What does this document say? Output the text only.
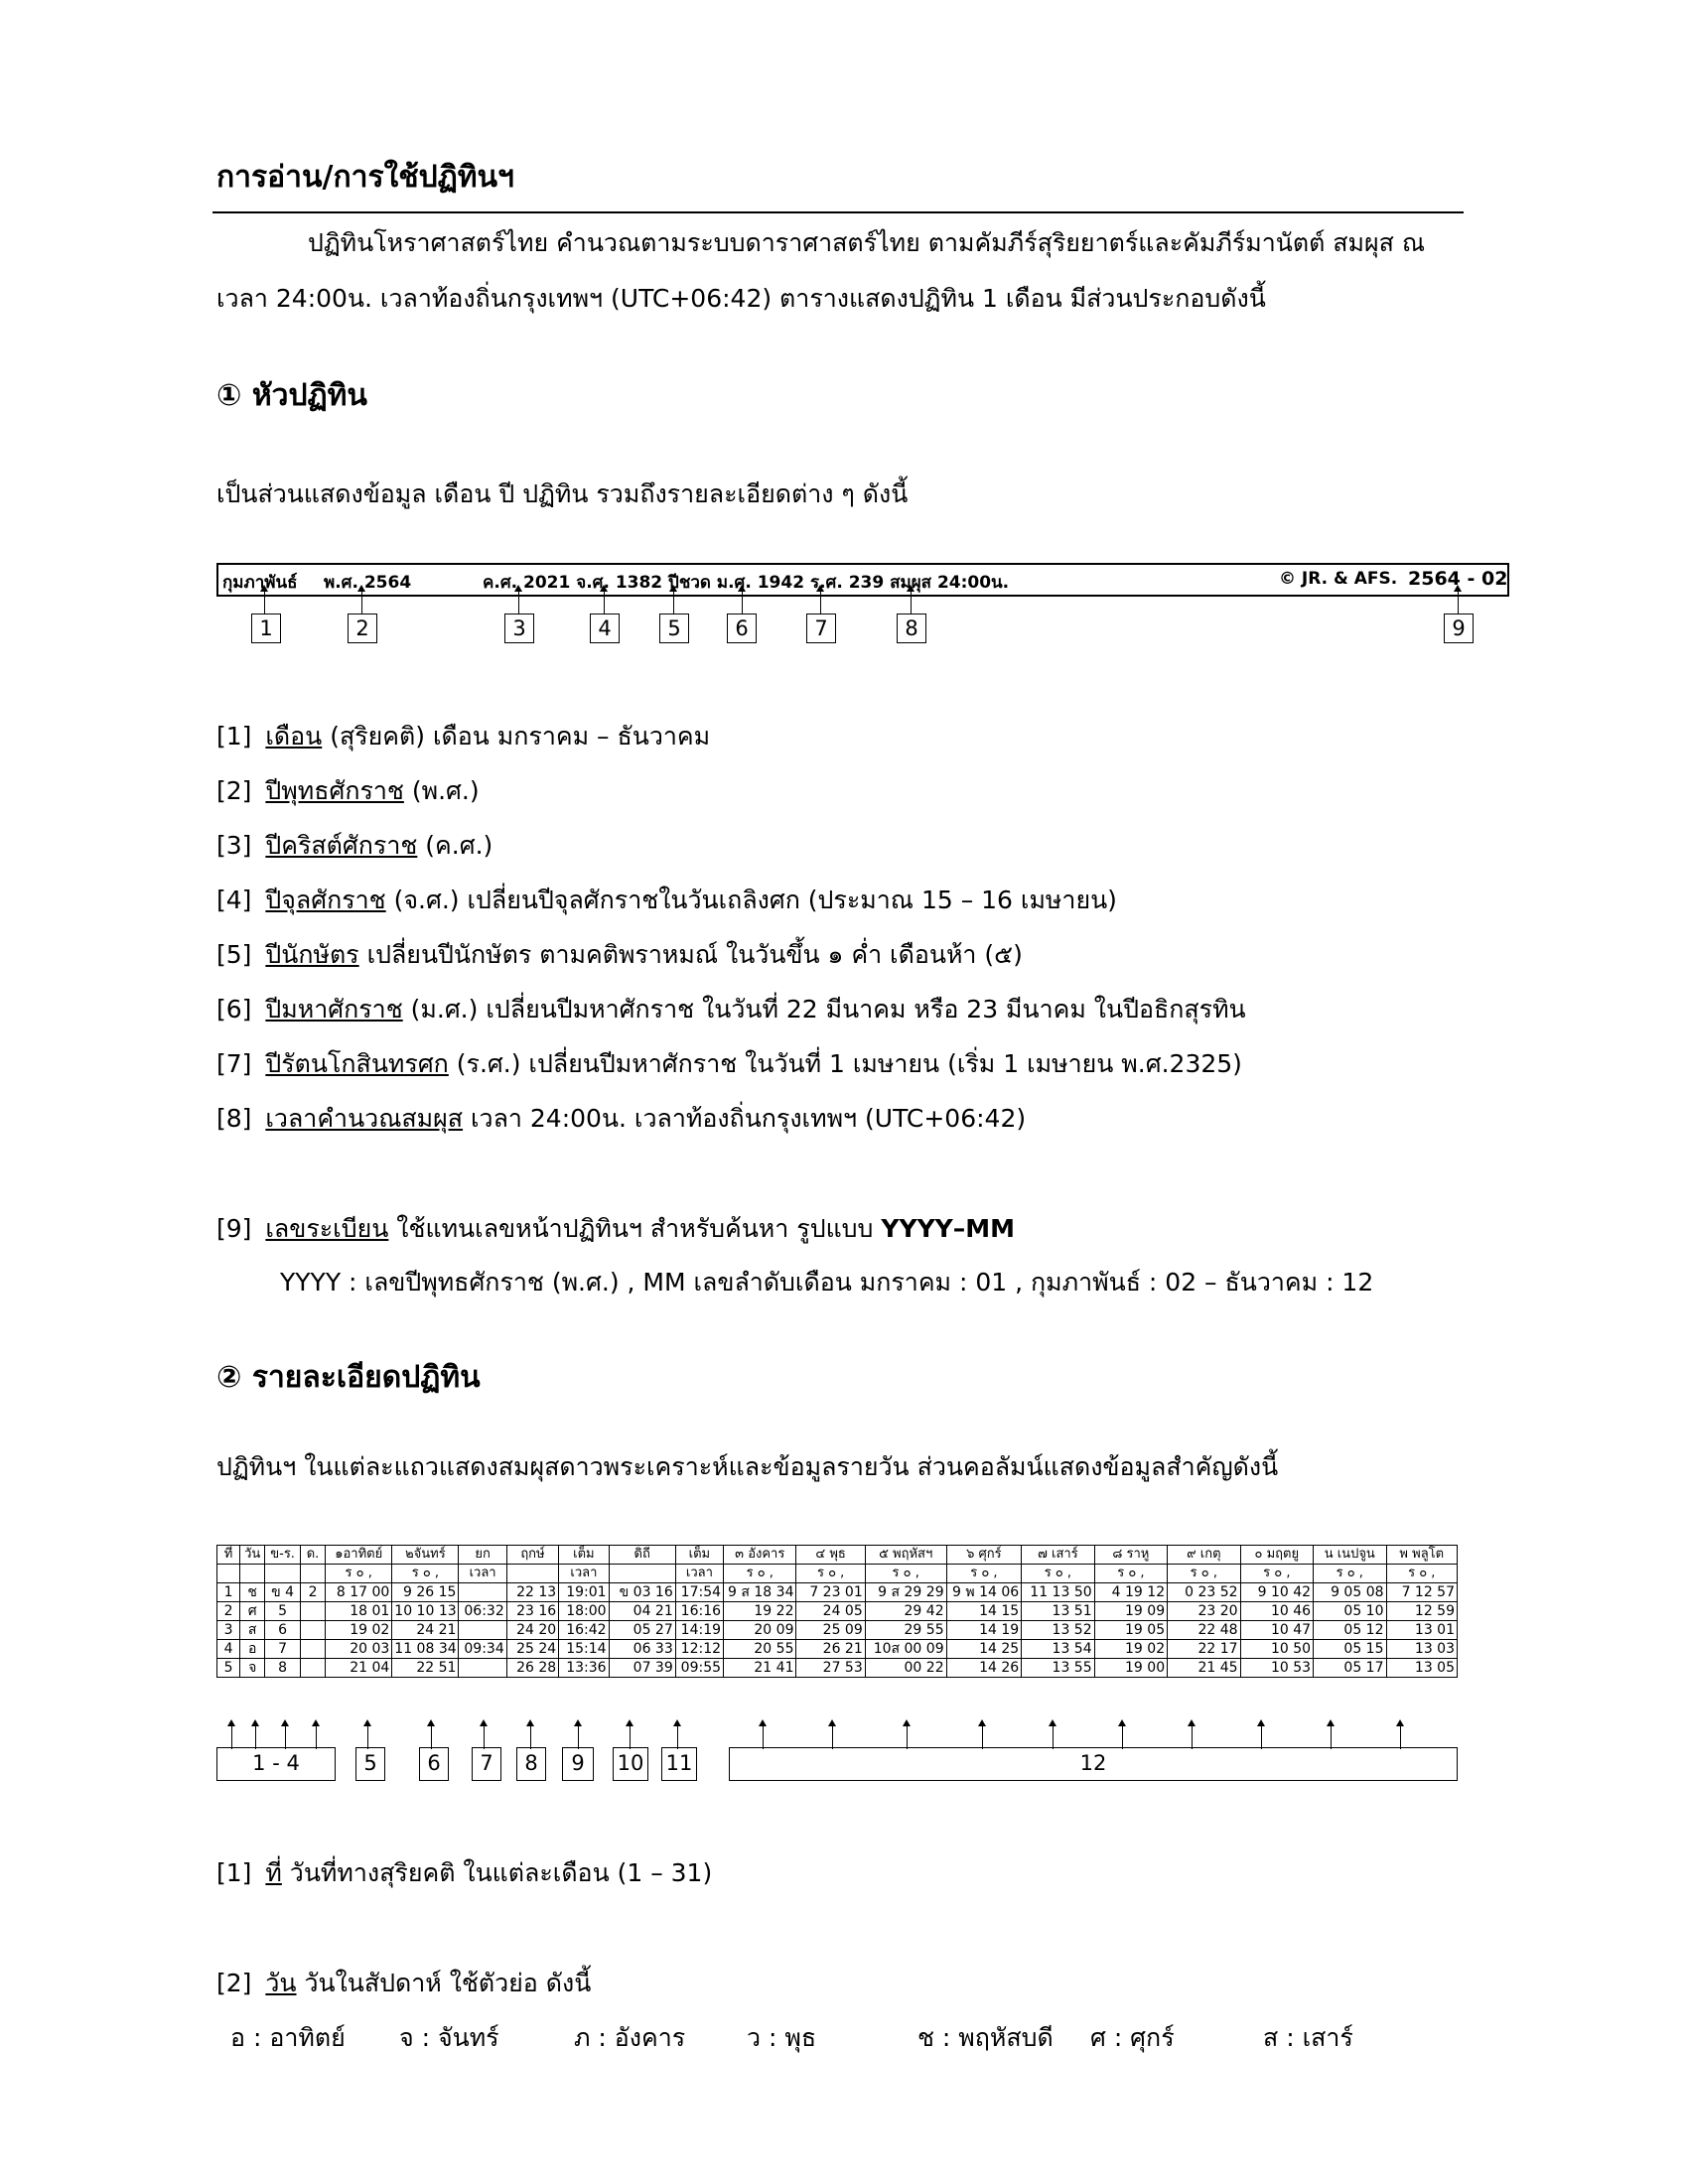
การอ่าน/การใช้ปฏิทินฯ
ปฏิทินโหราศาสตร์ไทย คำนวณตามระบบดาราศาสตร์ไทย ตามคัมภีร์สุริยยาตร์และคัมภีร์มานัตต์ สมผุส ณ
เวลา 24:00น. เวลาท้องถิ่นกรุงเทพฯ (UTC+06:42) ตารางแสดงปฏิทิน 1 เดือน มีส่วนประกอบดังนี้
① หัวปฏิทิน
เป็นส่วนแสดงข้อมูล เดือน ปี ปฏิทิน รวมถึงรายละเอียดต่าง ๆ ดังนี้
กุมภาพันธ์ พ.ศ. 2564	ค.ศ. 2021 จ.ศ. 1382 ปีชวด ม.ศ. 1942 ร.ศ. 239 สมผุส 24:00น.	© JR. & AFS. 2564 - 02
1	2	3	4	5	6	7	8	9
[1] เดือน (สุริยคติ) เดือน มกราคม – ธันวาคม
[2] ปีพุทธศักราช (พ.ศ.)
[3] ปีคริสต์ศักราช (ค.ศ.)
[4] ปีจุลศักราช (จ.ศ.) เปลี่ยนปีจุลศักราชในวันเถลิงศก (ประมาณ 15 – 16 เมษายน)
[5] ปีนักษัตร เปลี่ยนปีนักษัตร ตามคติพราหมณ์ ในวันขึ้น ๑ ค่ำ เดือนห้า (๕)
[6] ปีมหาศักราช (ม.ศ.) เปลี่ยนปีมหาศักราช ในวันที่ 22 มีนาคม หรือ 23 มีนาคม ในปีอธิกสุรทิน
[7] ปีรัตนโกสินทรศก (ร.ศ.) เปลี่ยนปีมหาศักราช ในวันที่ 1 เมษายน (เริ่ม 1 เมษายน พ.ศ.2325)
[8] เวลาคำนวณสมผุส เวลา 24:00น. เวลาท้องถิ่นกรุงเทพฯ (UTC+06:42)
[9] เลขระเบียน ใช้แทนเลขหน้าปฏิทินฯ สำหรับค้นหา รูปแบบ YYYY–MM
YYYY : เลขปีพุทธศักราช (พ.ศ.) , MM เลขลำดับเดือน มกราคม : 01 , กุมภาพันธ์ : 02 – ธันวาคม : 12
② รายละเอียดปฏิทิน
ปฏิทินฯ ในแต่ละแถวแสดงสมผุสดาวพระเคราะห์และข้อมูลรายวัน ส่วนคอลัมน์แสดงข้อมูลสำคัญดังนี้
ที่	วัน	ข-ร.	ด.	๑อาทิตย์	๒จันทร์	ยก	ฤกษ์	เต็ม	ดิถี	เต็ม	๓ อังคาร	๔ พุธ	๕ พฤหัสฯ	๖ ศุกร์	๗ เสาร์	๘ ราหู	๙ เกตุ	๐ มฤตยู	น เนปจูน	พ พลูโต
				ร ๐ ,	ร ๐ ,	เวลา		เวลา		เวลา	ร ๐ ,	ร ๐ ,	ร ๐ ,	ร ๐ ,	ร ๐ ,	ร ๐ ,	ร ๐ ,	ร ๐ ,	ร ๐ ,	ร ๐ ,
1	ช	ข 4	2	8 17 00	9 26 15		22 13	19:01	ข 03 16	17:54	9 ส 18 34	7 23 01	9 ส 29 29	9 พ 14 06	11 13 50	4 19 12	0 23 52	9 10 42	9 05 08	7 12 57
2	ศ	5		18 01	10 10 13	06:32	23 16	18:00	04 21	16:16	19 22	24 05	29 42	14 15	13 51	19 09	23 20	10 46	05 10	12 59
3	ส	6		19 02	24 21		24 20	16:42	05 27	14:19	20 09	25 09	29 55	14 19	13 52	19 05	22 48	10 47	05 12	13 01
4	อ	7		20 03	11 08 34	09:34	25 24	15:14	06 33	12:12	20 55	26 21	10ส 00 09	14 25	13 54	19 02	22 17	10 50	05 15	13 03
5	จ	8		21 04	22 51		26 28	13:36	07 39	09:55	21 41	27 53	00 22	14 26	13 55	19 00	21 45	10 53	05 17	13 05
1 - 4	5	6	7	8	9	10 11	12
[1] ที่ วันที่ทางสุริยคติ ในแต่ละเดือน (1 – 31)
[2] วัน วันในสัปดาห์ ใช้ตัวย่อ ดังนี้
อ : อาทิตย์ จ : จันทร์	ภ : อังคาร ว : พุธ	ช : พฤหัสบดี ศ : ศุกร์	ส : เสาร์
